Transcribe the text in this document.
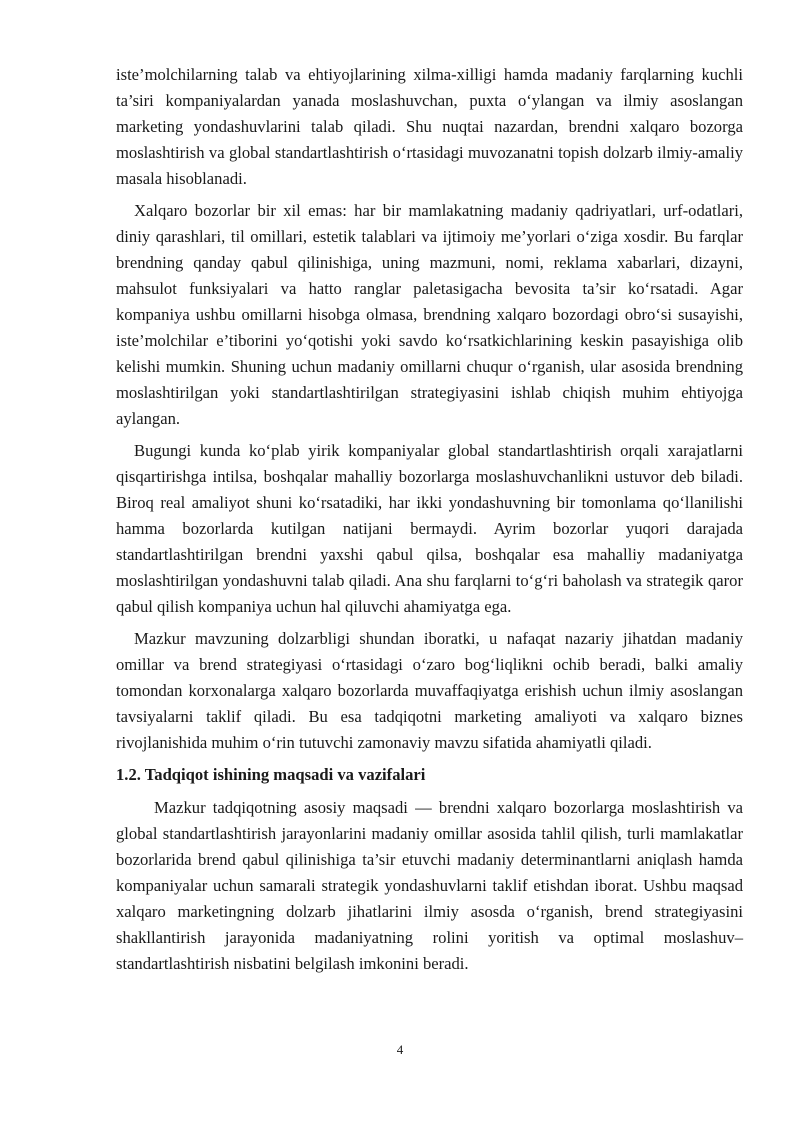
iste’molchilarning talab va ehtiyojlarining xilma-xilligi hamda madaniy farqlarning kuchli ta’siri kompaniyalardan yanada moslashuvchan, puxta o‘ylangan va ilmiy asoslangan marketing yondashuvlarini talab qiladi. Shu nuqtai nazardan, brendni xalqaro bozorga moslashtirish va global standartlashtirish o‘rtasidagi muvozanatni topish dolzarb ilmiy-amaliy masala hisoblanadi.

Xalqaro bozorlar bir xil emas: har bir mamlakatning madaniy qadriyatlari, urf-odatlari, diniy qarashlari, til omillari, estetik talablari va ijtimoiy me’yorlari o‘ziga xosdir. Bu farqlar brendning qanday qabul qilinishiga, uning mazmuni, nomi, reklama xabarlari, dizayni, mahsulot funksiyalari va hatto ranglar paletasigacha bevosita ta’sir ko‘rsatadi. Agar kompaniya ushbu omillarni hisobga olmasa, brendning xalqaro bozordagi obro‘si susayishi, iste’molchilar e’tiborini yo‘qotishi yoki savdo ko‘rsatkichlarining keskin pasayishiga olib kelishi mumkin. Shuning uchun madaniy omillarni chuqur o‘rganish, ular asosida brendning moslashtirilgan yoki standartlashtirilgan strategiyasini ishlab chiqish muhim ehtiyojga aylangan.

Bugungi kunda ko‘plab yirik kompaniyalar global standartlashtirish orqali xarajatlarni qisqartirishga intilsa, boshqalar mahalliy bozorlarga moslashuvchanlikni ustuvor deb biladi. Biroq real amaliyot shuni ko‘rsatadiki, har ikki yondashuvning bir tomonlama qo‘llanilishi hamma bozorlarda kutilgan natijani bermaydi. Ayrim bozorlar yuqori darajada standartlashtirilgan brendni yaxshi qabul qilsa, boshqalar esa mahalliy madaniyatga moslashtirilgan yondashuvni talab qiladi. Ana shu farqlarni to‘g‘ri baholash va strategik qaror qabul qilish kompaniya uchun hal qiluvchi ahamiyatga ega.

Mazkur mavzuning dolzarbligi shundan iboratki, u nafaqat nazariy jihatdan madaniy omillar va brend strategiyasi o‘rtasidagi o‘zaro bog‘liqlikni ochib beradi, balki amaliy tomondan korxonalarga xalqaro bozorlarda muvaffaqiyatga erishish uchun ilmiy asoslangan tavsiyalarni taklif qiladi. Bu esa tadqiqotni marketing amaliyoti va xalqaro biznes rivojlanishida muhim o‘rin tutuvchi zamonaviy mavzu sifatida ahamiyatli qiladi.

1.2. Tadqiqot ishining maqsadi va vazifalari

Mazkur tadqiqotning asosiy maqsadi — brendni xalqaro bozorlarga moslashtirish va global standartlashtirish jarayonlarini madaniy omillar asosida tahlil qilish, turli mamlakatlar bozorlarida brend qabul qilinishiga ta’sir etuvchi madaniy determinantlarni aniqlash hamda kompaniyalar uchun samarali strategik yondashuvlarni taklif etishdan iborat. Ushbu maqsad xalqaro marketingning dolzarb jihatlarini ilmiy asosda o‘rganish, brend strategiyasini shakllantirish jarayonida madaniyatning rolini yoritish va optimal moslashuv–standartlashtirish nisbatini belgilash imkonini beradi.

4
